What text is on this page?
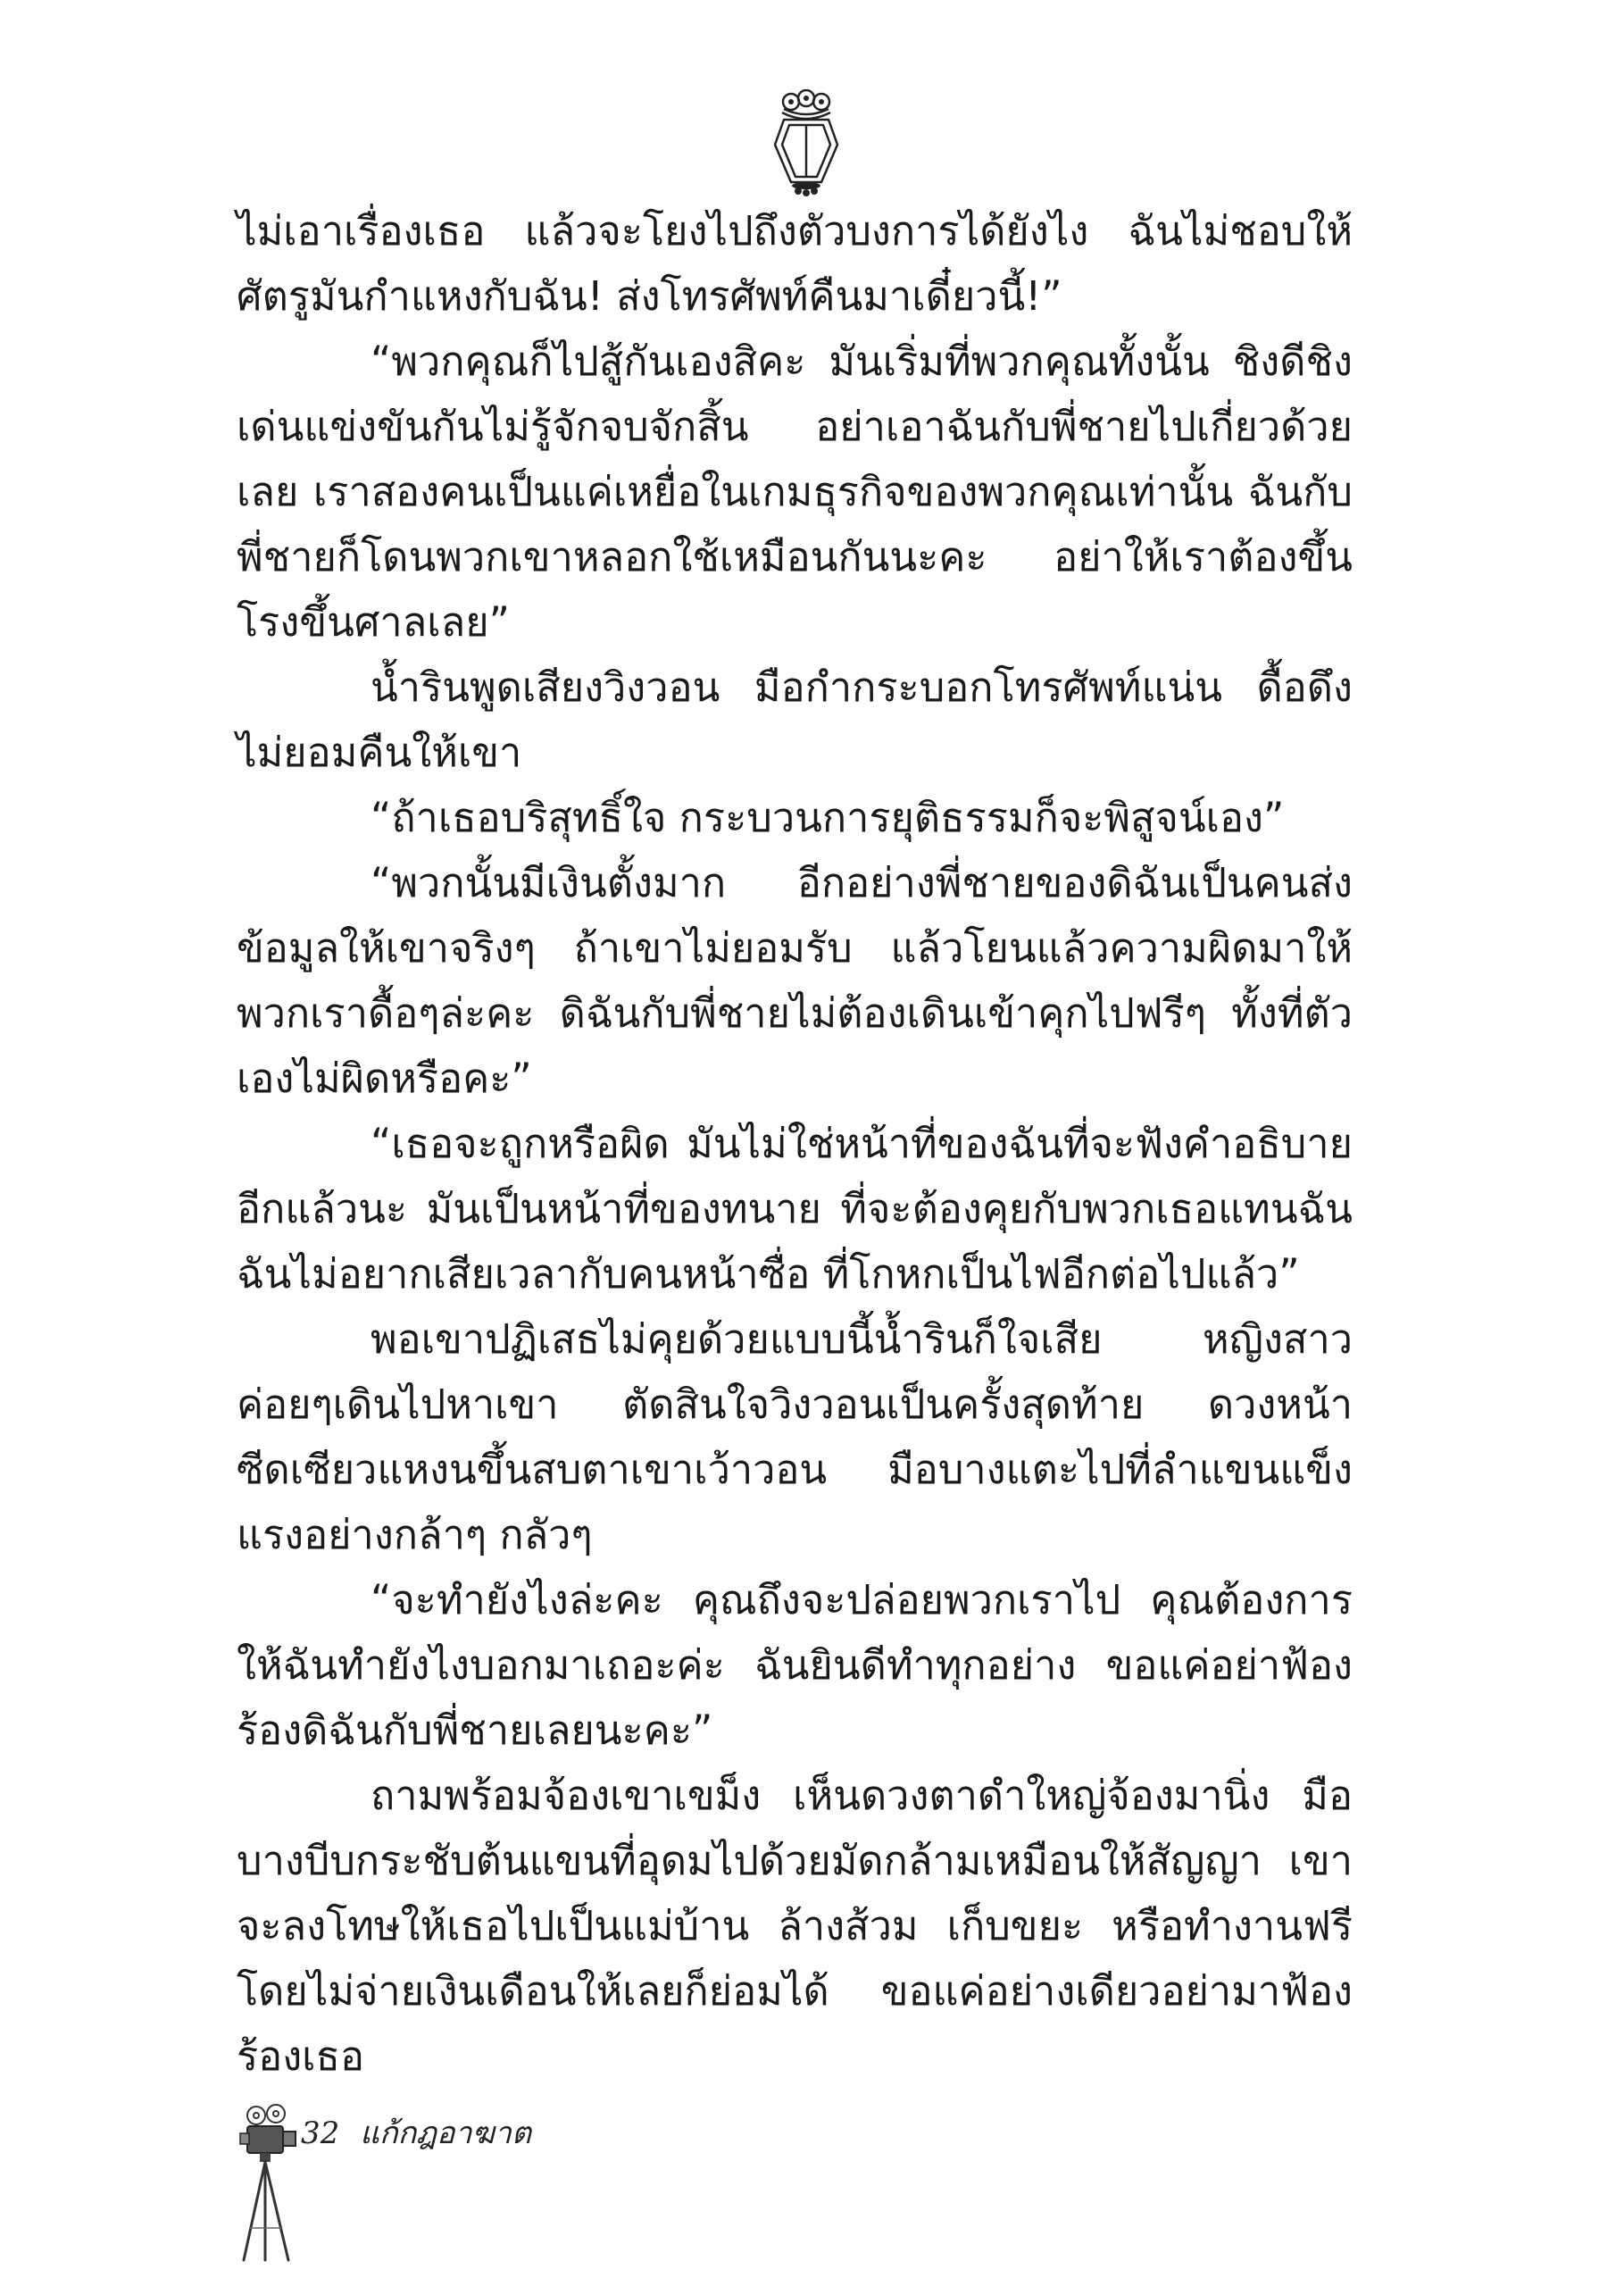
ไม่เอาเรื่องเธอ แล้วจะโยงไปถึงตัวบงการได้ยังไง ฉันไม่ชอบให้ศัตรูมันกำแหงกับฉัน! ส่งโทรศัพท์คืนมาเดี๋ยวนี้!”

“พวกคุณก็ไปสู้กันเองสิคะ มันเริ่มที่พวกคุณทั้งนั้น ชิงดีชิงเด่นแข่งขันกันไม่รู้จักจบจักสิ้น อย่าเอาฉันกับพี่ชายไปเกี่ยวด้วยเลย เราสองคนเป็นแค่เหยื่อในเกมธุรกิจของพวกคุณเท่านั้น ฉันกับพี่ชายก็โดนพวกเขาหลอกใช้เหมือนกันนะคะ อย่าให้เราต้องขึ้นโรงขึ้นศาลเลย”

น้ำรินพูดเสียงวิงวอน มือกำกระบอกโทรศัพท์แน่น ดื้อดึงไม่ยอมคืนให้เขา

“ถ้าเธอบริสุทธิ์ใจ กระบวนการยุติธรรมก็จะพิสูจน์เอง”

“พวกนั้นมีเงินตั้งมาก อีกอย่างพี่ชายของดิฉันเป็นคนส่งข้อมูลให้เขาจริงๆ ถ้าเขาไม่ยอมรับ แล้วโยนแล้วความผิดมาให้พวกเราดื้อๆล่ะคะ ดิฉันกับพี่ชายไม่ต้องเดินเข้าคุกไปฟรีๆ ทั้งที่ตัวเองไม่ผิดหรือคะ”

“เธอจะถูกหรือผิด มันไม่ใช่หน้าที่ของฉันที่จะฟังคำอธิบายอีกแล้วนะ มันเป็นหน้าที่ของทนาย ที่จะต้องคุยกับพวกเธอแทนฉันฉันไม่อยากเสียเวลากับคนหน้าซื่อ ที่โกหกเป็นไฟอีกต่อไปแล้ว”

พอเขาปฏิเสธไม่คุยด้วยแบบนี้น้ำรินก็ใจเสีย หญิงสาวค่อยๆเดินไปหาเขา ตัดสินใจวิงวอนเป็นครั้งสุดท้าย ดวงหน้าซีดเซียวแหงนขึ้นสบตาเขาเว้าวอน มือบางแตะไปที่ลำแขนแข็งแรงอย่างกล้าๆ กลัวๆ

“จะทำยังไงล่ะคะ คุณถึงจะปล่อยพวกเราไป คุณต้องการให้ฉันทำยังไงบอกมาเถอะค่ะ ฉันยินดีทำทุกอย่าง ขอแค่อย่าฟ้องร้องดิฉันกับพี่ชายเลยนะคะ”

ถามพร้อมจ้องเขาเขม็ง เห็นดวงตาดำใหญ่จ้องมานิ่ง มือบางบีบกระชับต้นแขนที่อุดมไปด้วยมัดกล้ามเหมือนให้สัญญา เขาจะลงโทษให้เธอไปเป็นแม่บ้าน ล้างส้วม เก็บขยะ หรือทำงานฟรีโดยไม่จ่ายเงินเดือนให้เลยก็ย่อมได้ ขอแค่อย่างเดียวอย่ามาฟ้องร้องเธอ

32 แก้กฎอาฆาต
